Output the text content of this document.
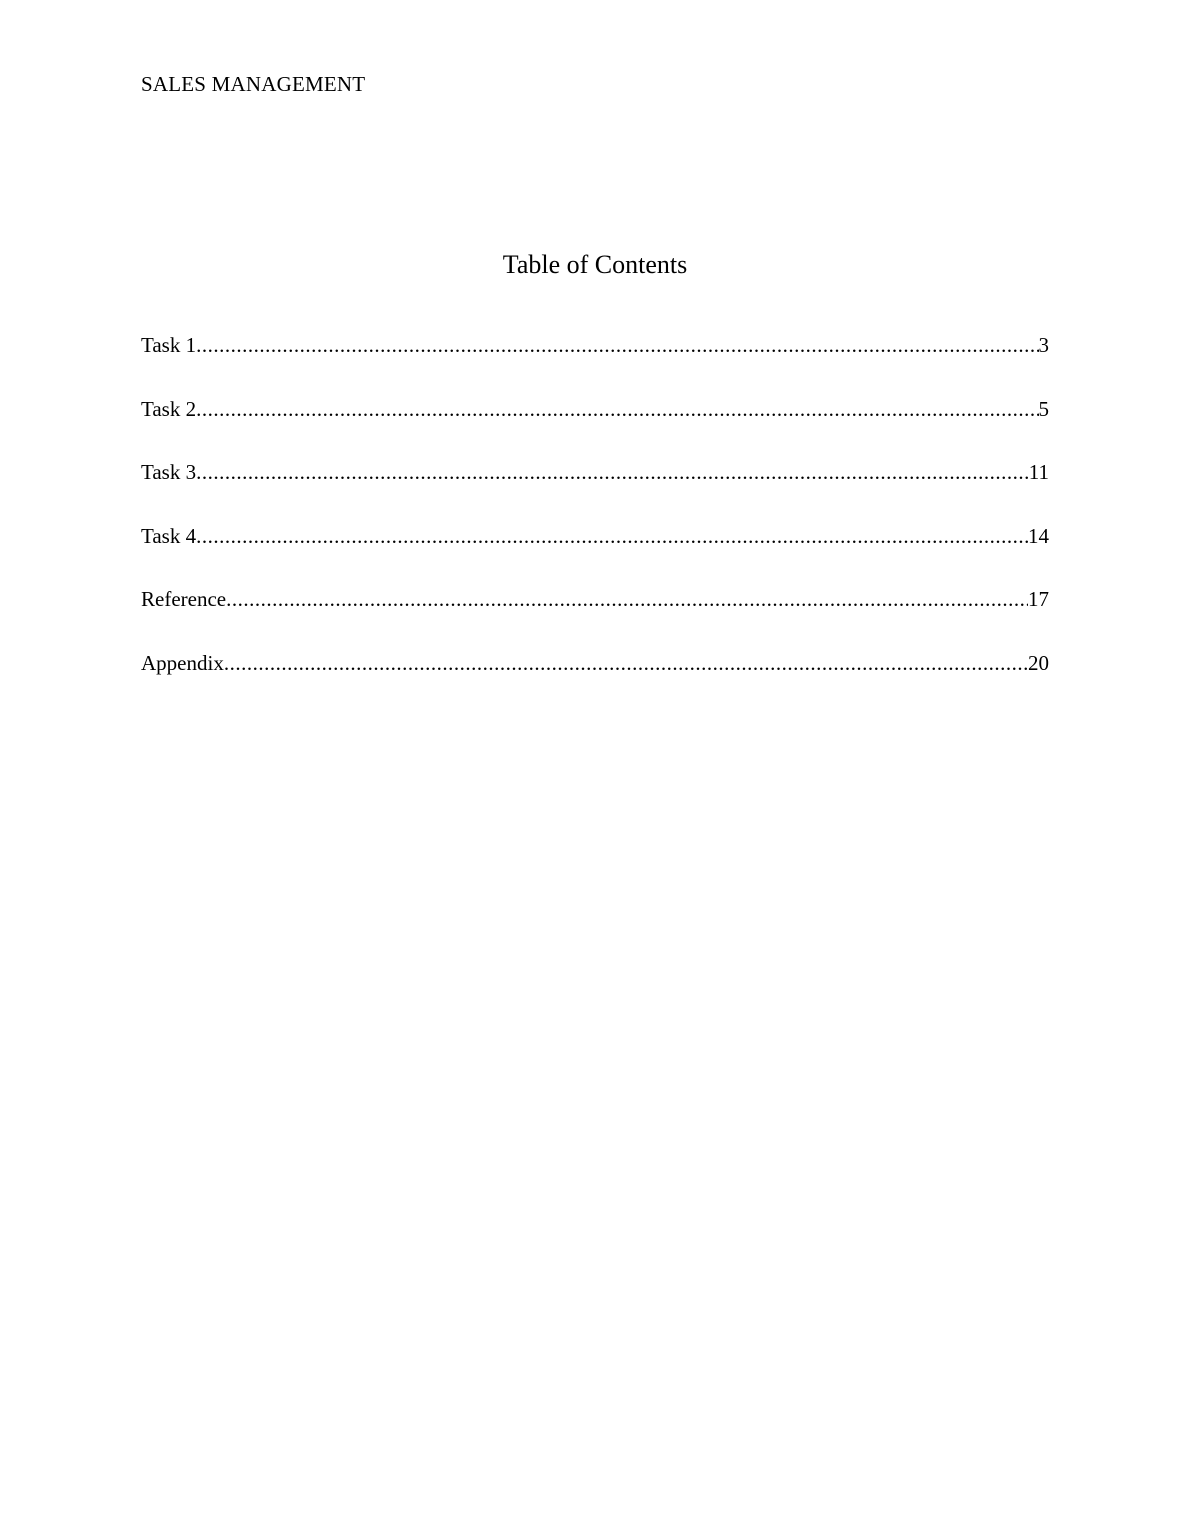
SALES MANAGEMENT
Table of Contents
Task 1 .....	3
Task 2 .....	5
Task 3 .....	11
Task 4 .....	14
Reference .....	17
Appendix .....	20
